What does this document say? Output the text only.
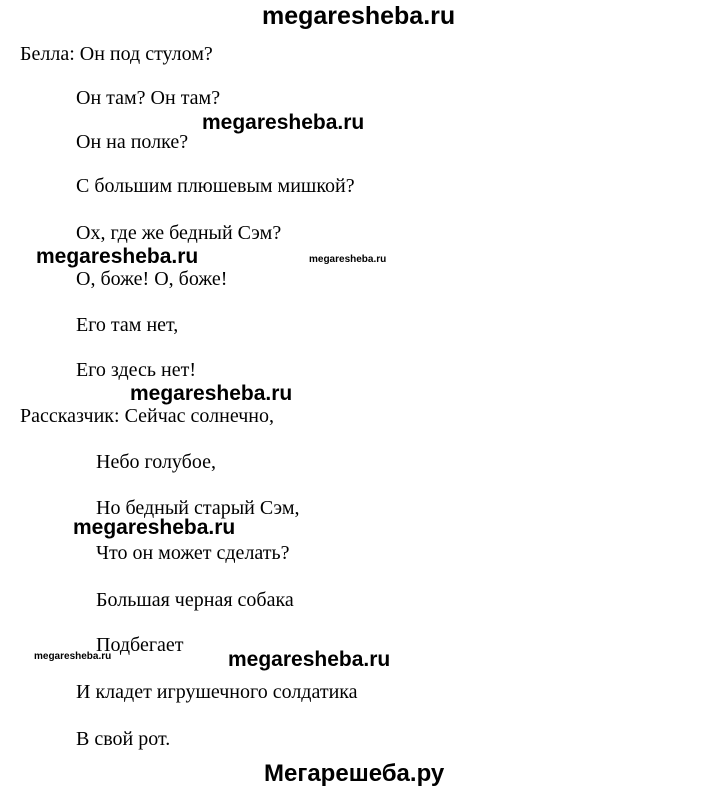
megaresheba.ru
Белла: Он под стулом?
Он там? Он там?
Он на полке?
С большим плюшевым мишкой?
Ох, где же бедный Сэм?
О, боже! О, боже!
Его там нет,
Его здесь нет!
Рассказчик: Сейчас солнечно,
Небо голубое,
Но бедный старый Сэм,
Что он может сделать?
Большая черная собака
Подбегает
И кладет игрушечного солдатика
В свой рот.
megaresheba.ru
megaresheba.ru	megaresheba.ru
megaresheba.ru
megaresheba.ru
megaresheba.ru	megaresheba.ru
Мегарешеба.ру
